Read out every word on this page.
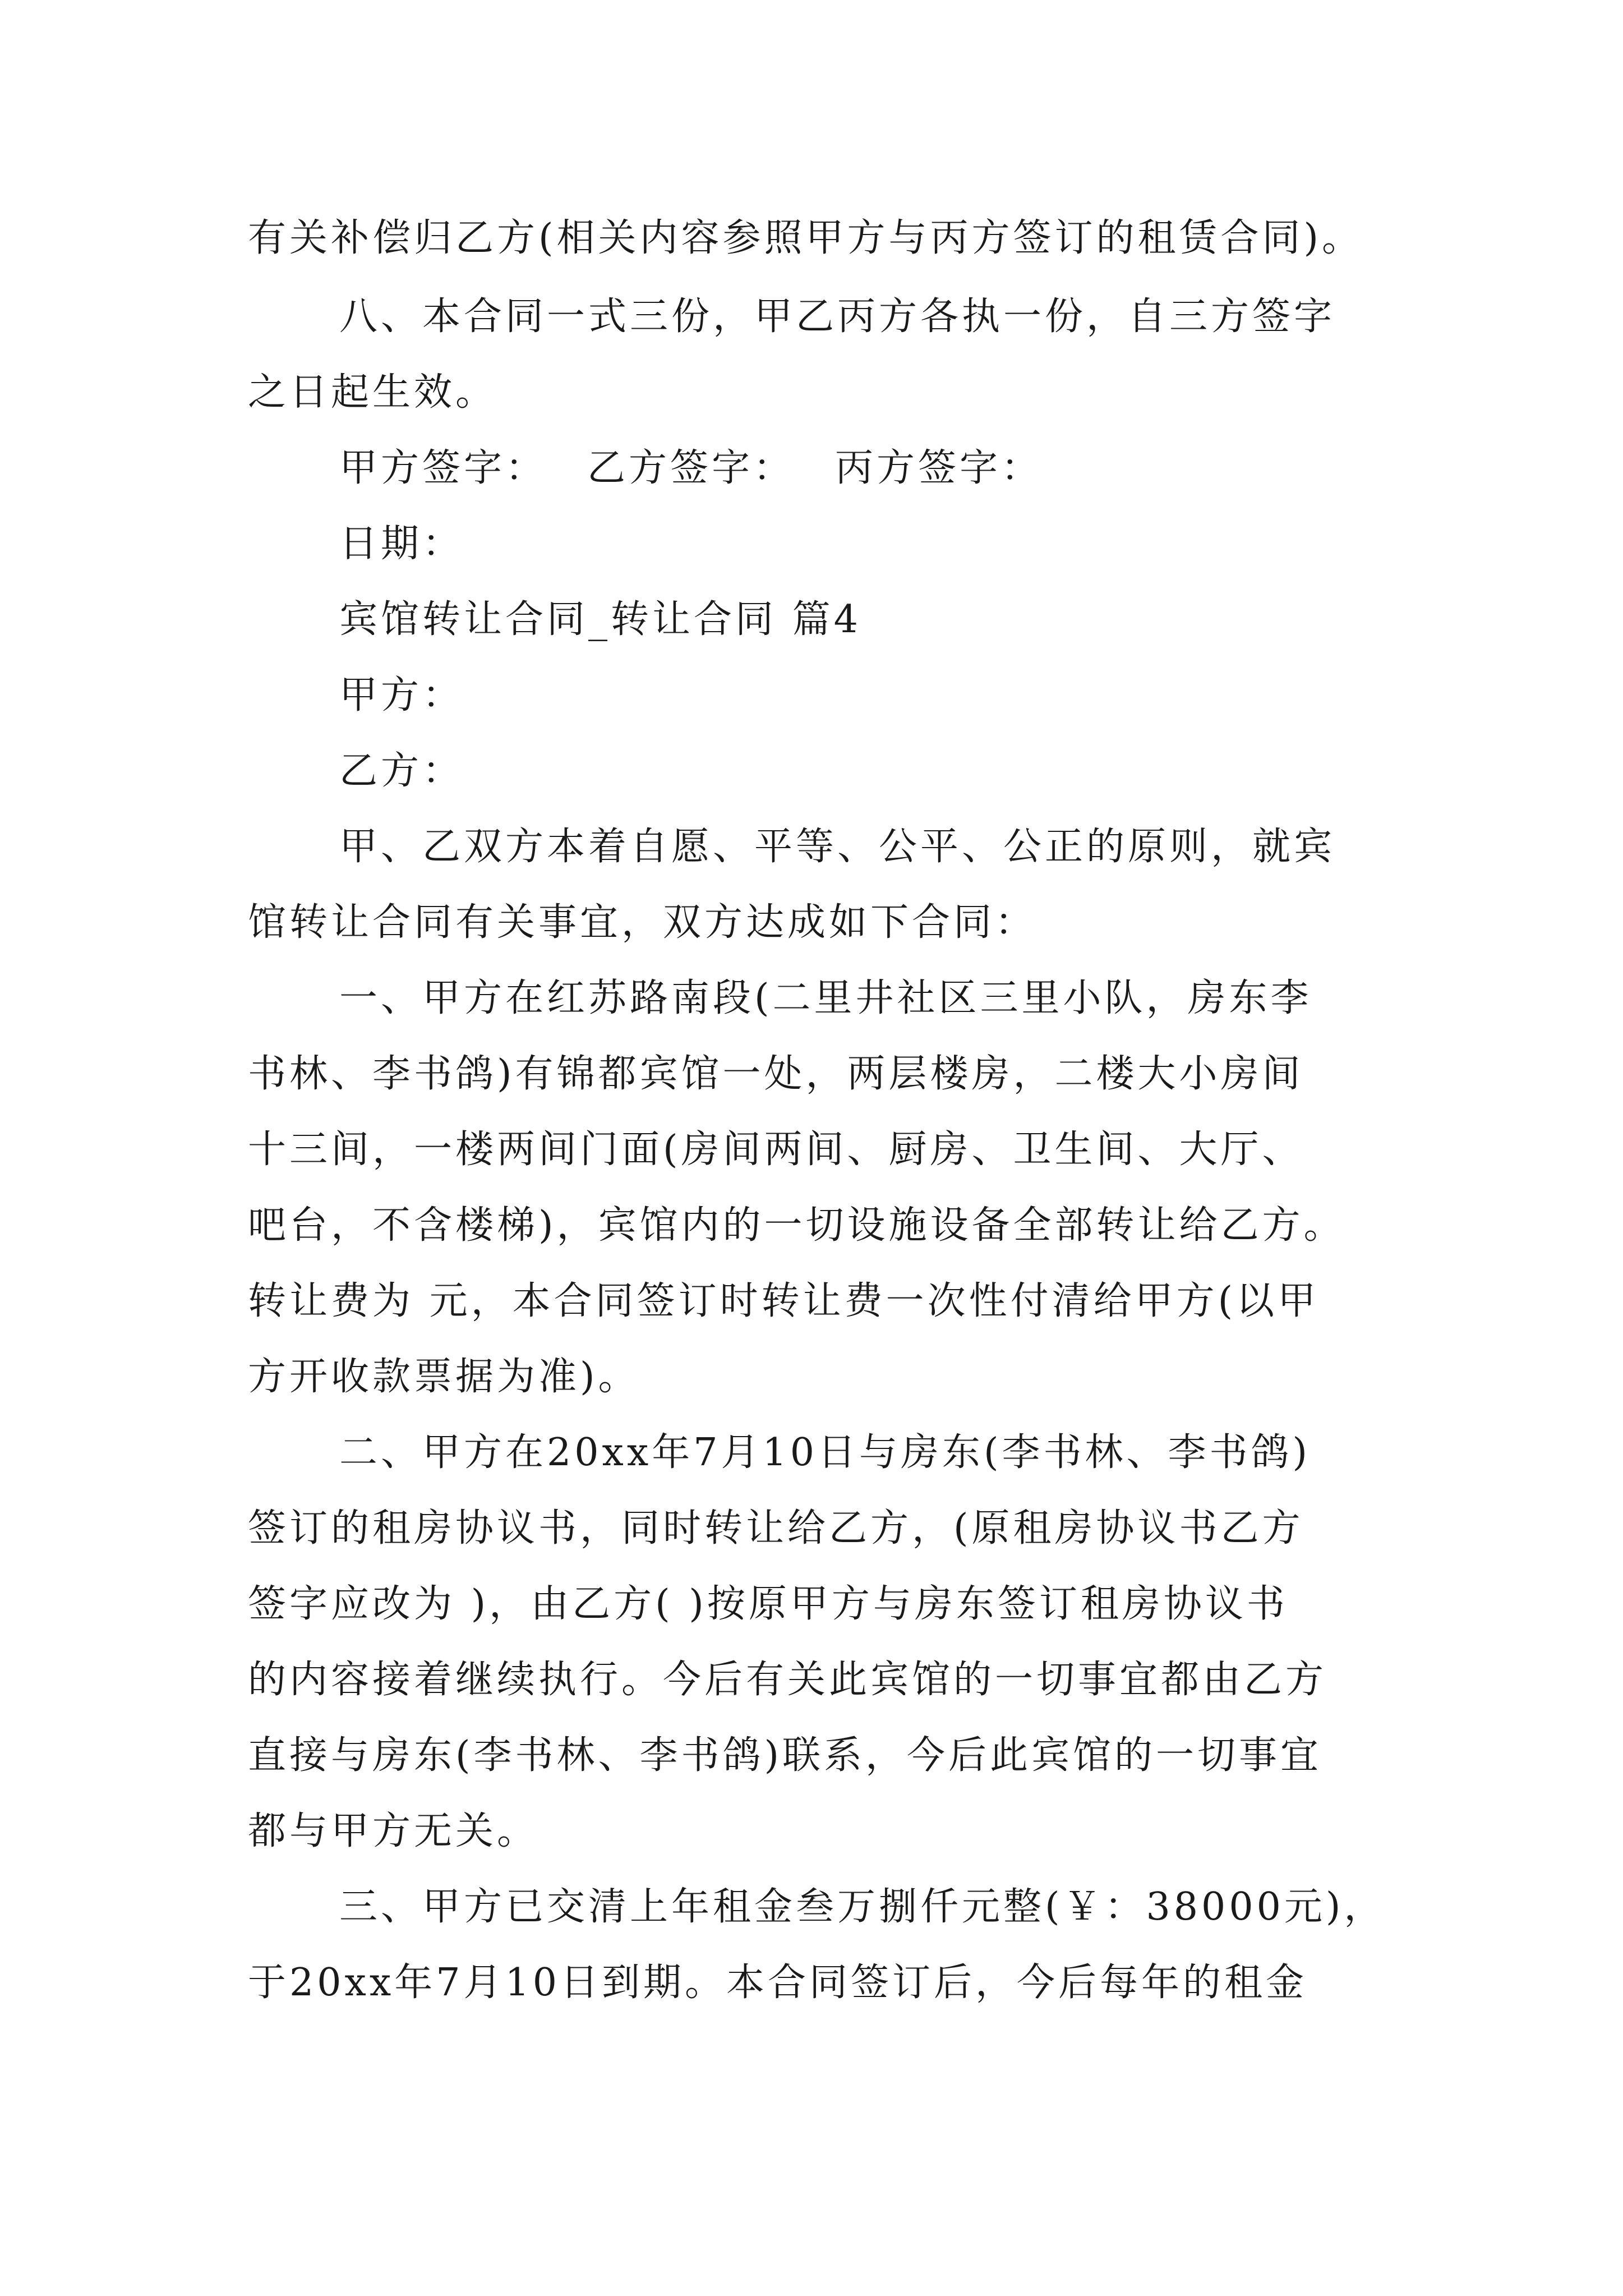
有关补偿归乙方(相关内容参照甲方与丙方签订的租赁合同)。
八、本合同一式三份，甲乙丙方各执一份，自三方签字
之日起生效。
甲方签字： 乙方签字： 丙方签字：
日期：
宾馆转让合同_转让合同 篇4
甲方：
乙方：
甲、乙双方本着自愿、平等、公平、公正的原则，就宾
馆转让合同有关事宜，双方达成如下合同：
一、甲方在红苏路南段(二里井社区三里小队，房东李
书林、李书鸽)有锦都宾馆一处，两层楼房，二楼大小房间
十三间，一楼两间门面(房间两间、厨房、卫生间、大厅、
吧台，不含楼梯)，宾馆内的一切设施设备全部转让给乙方。
转让费为 元，本合同签订时转让费一次性付清给甲方(以甲
方开收款票据为准)。
二、甲方在20xx年7月10日与房东(李书林、李书鸽)
签订的租房协议书，同时转让给乙方，(原租房协议书乙方
签字应改为 )，由乙方( )按原甲方与房东签订租房协议书
的内容接着继续执行。今后有关此宾馆的一切事宜都由乙方
直接与房东(李书林、李书鸽)联系，今后此宾馆的一切事宜
都与甲方无关。
三、甲方已交清上年租金叁万捌仟元整(￥：38000元)，
于20xx年7月10日到期。本合同签订后，今后每年的租金
